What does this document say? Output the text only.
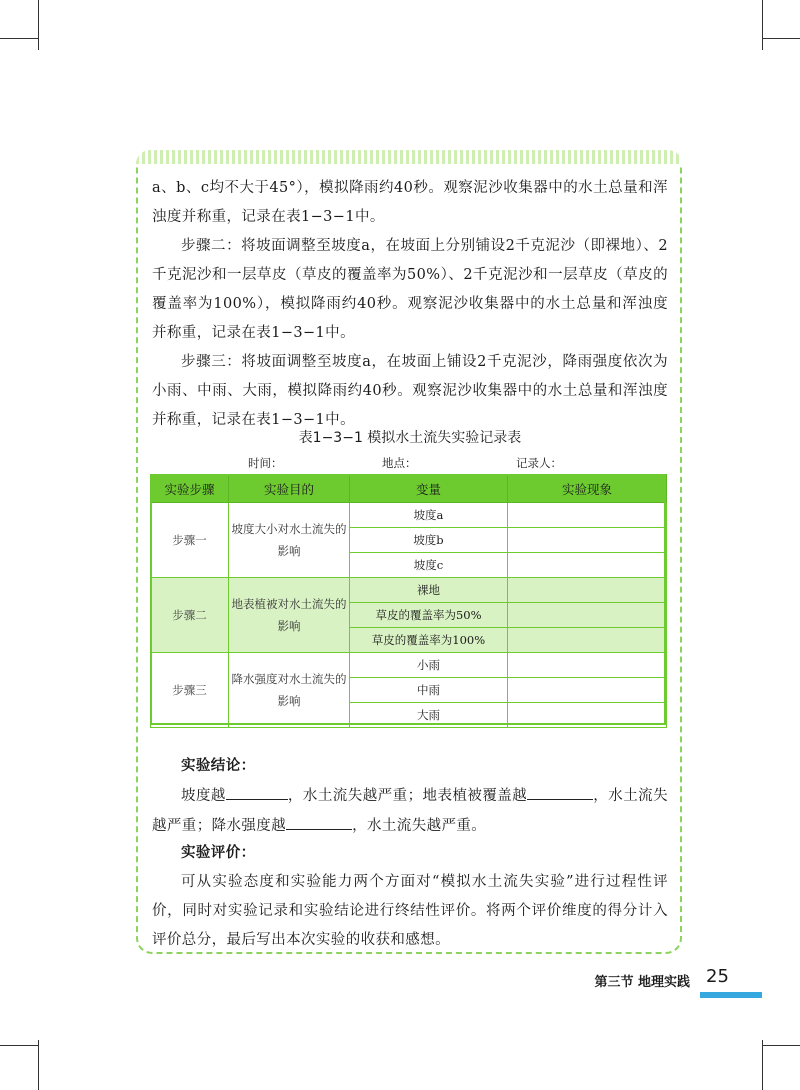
a、b、c均不大于45°），模拟降雨约40秒。观察泥沙收集器中的水土总量和浑浊度并称重，记录在表1−3−1中。

步骤二：将坡面调整至坡度a，在坡面上分别铺设2千克泥沙（即裸地）、2千克泥沙和一层草皮（草皮的覆盖率为50%）、2千克泥沙和一层草皮（草皮的覆盖率为100%），模拟降雨约40秒。观察泥沙收集器中的水土总量和浑浊度并称重，记录在表1−3−1中。

步骤三：将坡面调整至坡度a，在坡面上铺设2千克泥沙，降雨强度依次为小雨、中雨、大雨，模拟降雨约40秒。观察泥沙收集器中的水土总量和浑浊度并称重，记录在表1−3−1中。

表1−3−1 模拟水土流失实验记录表
时间：	地点：	记录人：
实验步骤	实验目的	变量	实验现象
步骤一	坡度大小对水土流失的影响	坡度a	
		坡度b	
		坡度c	
步骤二	地表植被对水土流失的影响	裸地	
		草皮的覆盖率为50%	
		草皮的覆盖率为100%	
步骤三	降水强度对水土流失的影响	小雨	
		中雨	
		大雨	

实验结论：

坡度越	，水土流失越严重；地表植被覆盖越	，水土流失越严重；降水强度越	，水土流失越严重。

实验评价：

可从实验态度和实验能力两个方面对“模拟水土流失实验”进行过程性评价，同时对实验记录和实验结论进行终结性评价。将两个评价维度的得分计入评价总分，最后写出本次实验的收获和感想。

第三节 地理实践 25
